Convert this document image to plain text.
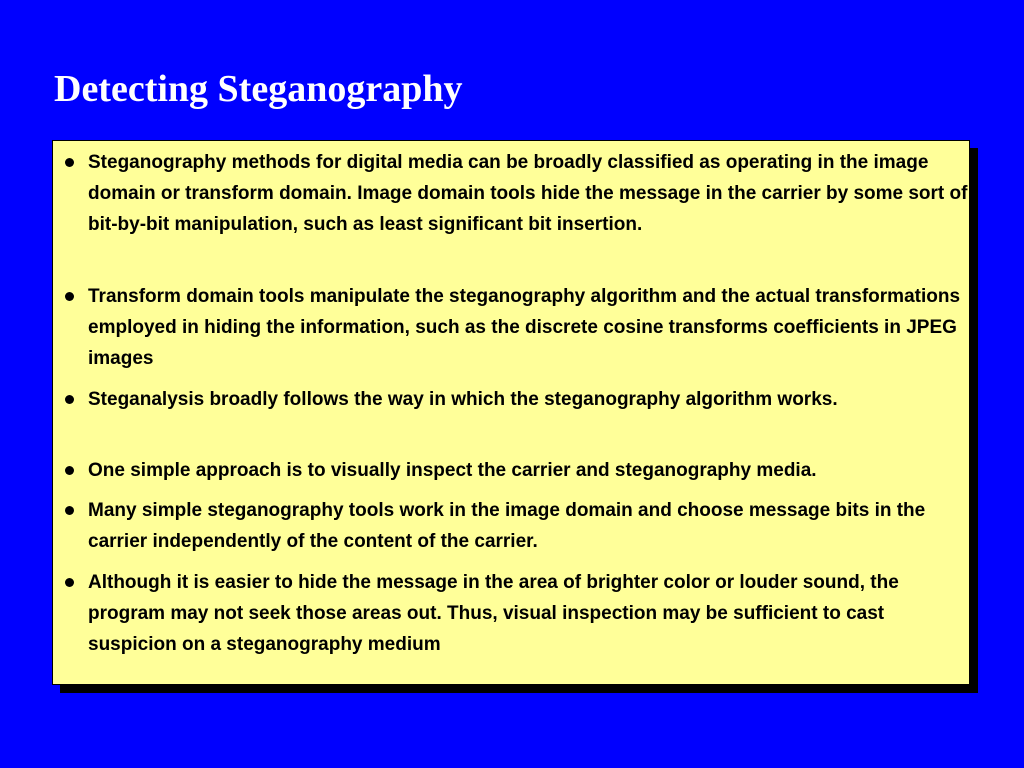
Detecting Steganography
Steganography methods for digital media can be broadly classified as operating in the image domain or transform domain. Image domain tools hide the message in the carrier by some sort of bit-by-bit manipulation, such as least significant bit insertion.
Transform domain tools manipulate the steganography algorithm and the actual transformations employed in hiding the information, such as the discrete cosine transforms coefficients in JPEG images
Steganalysis broadly follows the way in which the steganography algorithm works.
One simple approach is to visually inspect the carrier and steganography media.
Many simple steganography tools work in the image domain and choose message bits in the carrier independently of the content of the carrier.
Although it is easier to hide the message in the area of brighter color or louder sound, the program may not seek those areas out. Thus, visual inspection may be sufficient to cast suspicion on a steganography medium
